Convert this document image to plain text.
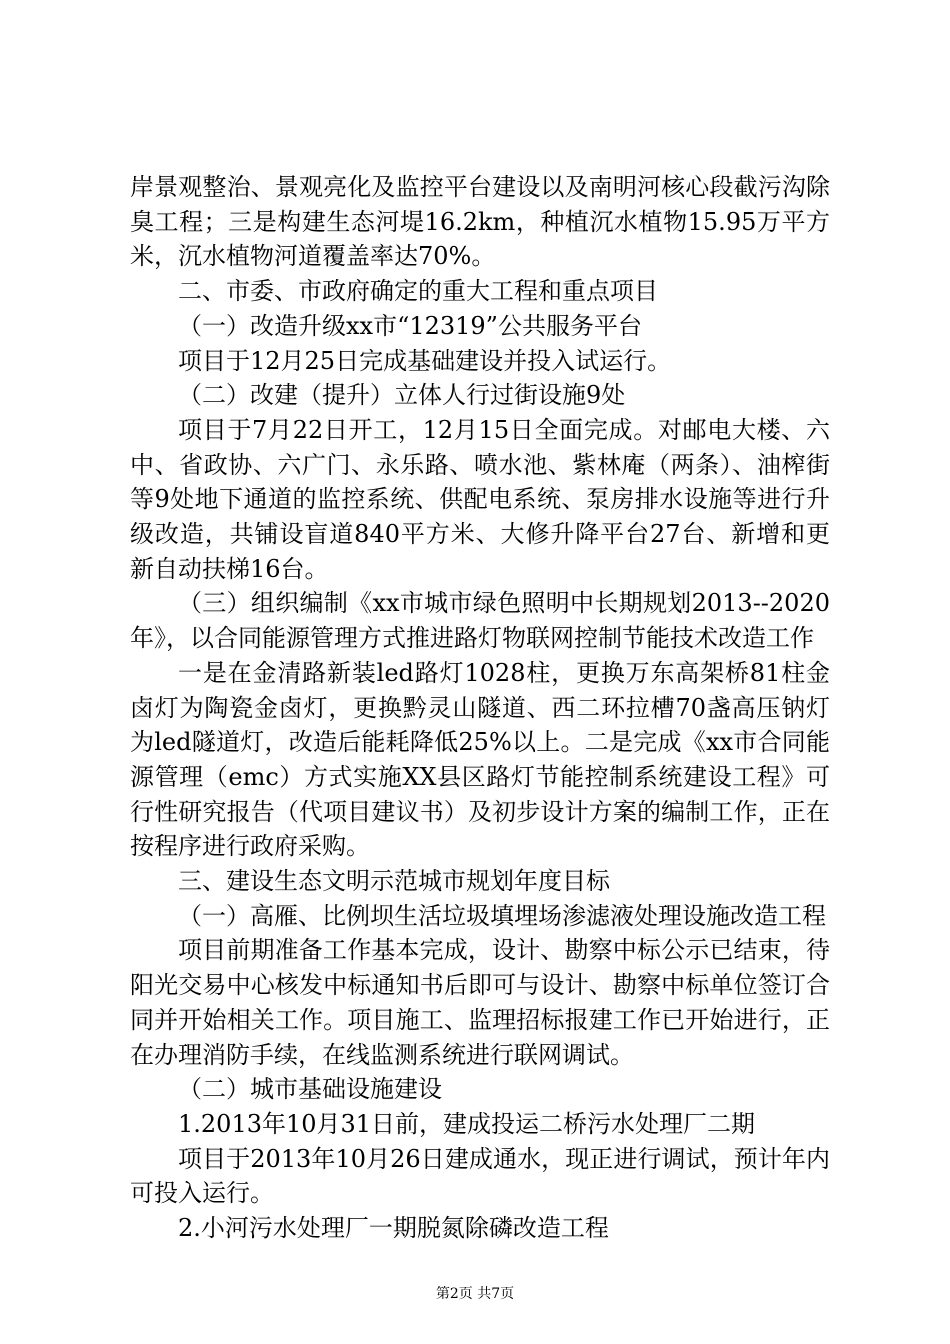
岸景观整治、景观亮化及监控平台建设以及南明河核心段截污沟除臭工程；三是构建生态河堤16.2km，种植沉水植物15.95万平方米，沉水植物河道覆盖率达70%。

二、市委、市政府确定的重大工程和重点项目

（一）改造升级xx市“12319”公共服务平台

项目于12月25日完成基础建设并投入试运行。

（二）改建（提升）立体人行过街设施9处

项目于7月22日开工，12月15日全面完成。对邮电大楼、六中、省政协、六广门、永乐路、喷水池、紫林庵（两条）、油榨街等9处地下通道的监控系统、供配电系统、泵房排水设施等进行升级改造，共铺设盲道840平方米、大修升降平台27台、新增和更新自动扶梯16台。

（三）组织编制《xx市城市绿色照明中长期规划2013--2020年》，以合同能源管理方式推进路灯物联网控制节能技术改造工作

一是在金清路新装led路灯1028柱，更换万东高架桥81柱金卤灯为陶瓷金卤灯，更换黔灵山隧道、西二环拉槽70盏高压钠灯为led隧道灯，改造后能耗降低25%以上。二是完成《xx市合同能源管理（emc）方式实施XX县区路灯节能控制系统建设工程》可行性研究报告（代项目建议书）及初步设计方案的编制工作，正在按程序进行政府采购。

三、建设生态文明示范城市规划年度目标

（一）高雁、比例坝生活垃圾填埋场渗滤液处理设施改造工程

项目前期准备工作基本完成，设计、勘察中标公示已结束，待阳光交易中心核发中标通知书后即可与设计、勘察中标单位签订合同并开始相关工作。项目施工、监理招标报建工作已开始进行，正在办理消防手续，在线监测系统进行联网调试。

（二）城市基础设施建设

1.2013年10月31日前，建成投运二桥污水处理厂二期

项目于2013年10月26日建成通水，现正进行调试，预计年内可投入运行。

2.小河污水处理厂一期脱氮除磷改造工程

第2页 共7页
